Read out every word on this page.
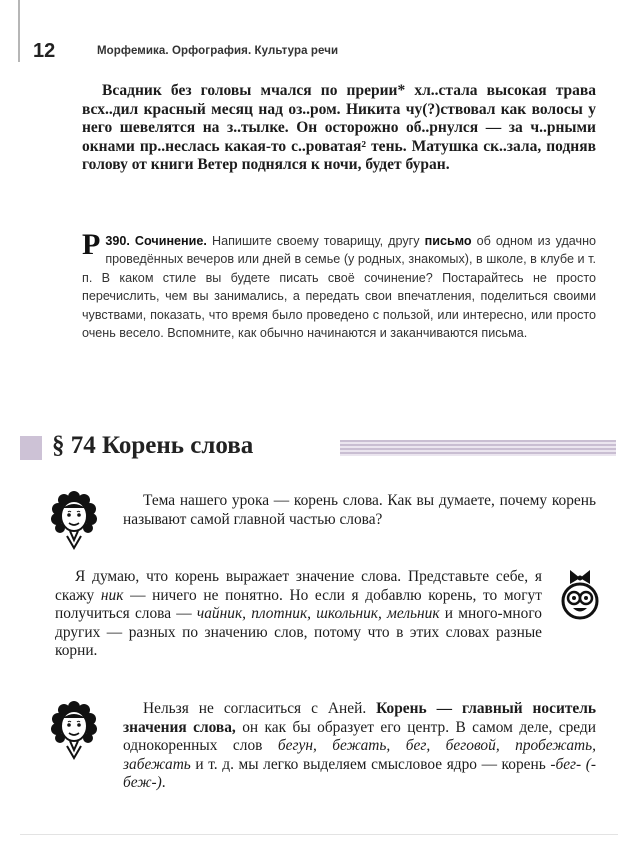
12	Морфемика. Орфография. Культура речи
Всадник без головы мчался по прерии* хл..стала высокая трава всх..дил красный месяц над оз..ром. Никита чу(?)ствовал как волосы у него шевелятся на з..тылке. Он осторожно об..рнулся — за ч..рными окнами пр..неслась какая-то с..роватая² тень. Матушка ск..зала, подняв голову от книги Ветер поднялся к ночи, будет буран.
Р 390. Сочинение. Напишите своему товарищу, другу письмо об одном из удачно проведённых вечеров или дней в семье (у родных, знакомых), в школе, в клубе и т. п. В каком стиле вы будете писать своё сочинение? Постарайтесь не просто перечислить, чем вы занимались, а передать свои впечатления, поделиться своими чувствами, показать, что время было проведено с пользой, или интересно, или просто очень весело. Вспомните, как обычно начинаются и заканчиваются письма.
§ 74 Корень слова
Тема нашего урока — корень слова. Как вы думаете, почему корень называют самой главной частью слова?
Я думаю, что корень выражает значение слова. Представьте себе, я скажу ник — ничего не понятно. Но если я добавлю корень, то могут получиться слова — чайник, плотник, школьник, мельник и много-много других — разных по значению слов, потому что в этих словах разные корни.
Нельзя не согласиться с Аней. Корень — главный носитель значения слова, он как бы образует его центр. В самом деле, среди однокоренных слов бегун, бежать, бег, беговой, пробежать, забежать и т. д. мы легко выделяем смысловое ядро — корень -бег- (-беж-).
